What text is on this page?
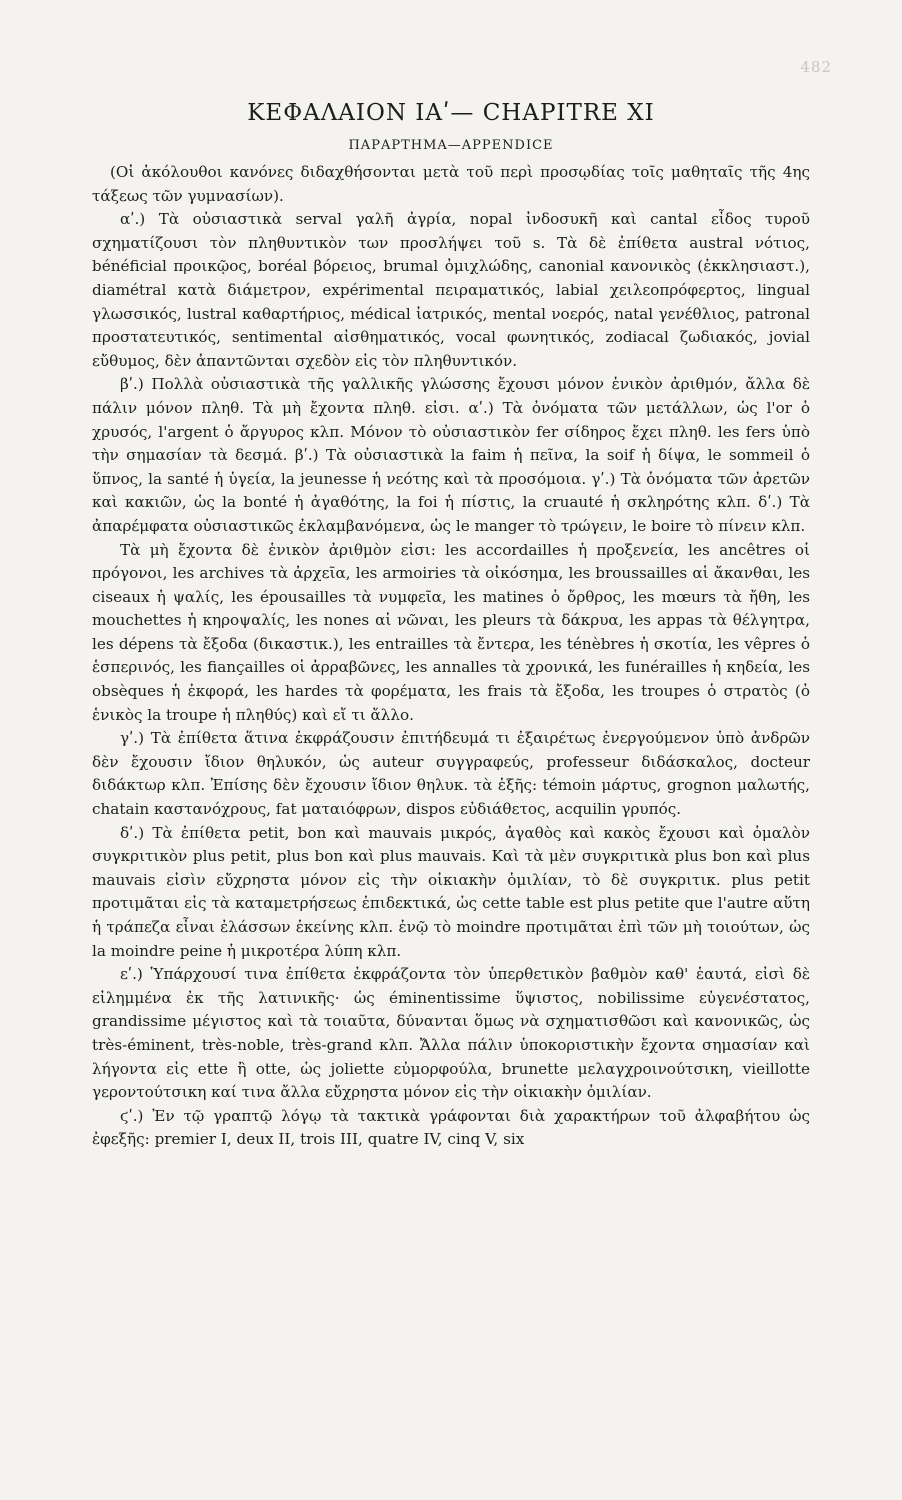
482
ΚΕΦΑΛΑΙΟΝ ΙΑʹ— CHAPITRE XI
ΠΑΡΑΡΤΗΜΑ—APPENDICE

(Οἱ ἀκόλουθοι κανόνες διδαχθήσονται μετὰ τοῦ περὶ προσῳδίας τοῖς μαθηταῖς τῆς 4ης τάξεως τῶν γυμνασίων).

αʹ.) Τὰ οὐσιαστικὰ serval γαλῆ ἀγρία, nopal ἰνδοσυκῆ καὶ cantal εἶδος τυροῦ σχηματίζουσι τὸν πληθυντικὸν των προσλήψει τοῦ s. Τὰ δὲ ἐπίθετα austral νότιος, bénéficial προικῷος, boréal βόρειος, brumal ὀμιχλώδης, canonial κανονικὸς (ἐκκλησιαστ.), diamétral κατὰ διάμετρον, expérimental πειραματικός, labial χειλεοπρόφερτος, lingual γλωσσικός, lustral καθαρτήριος, médical ἰατρικός, mental νοερός, natal γενέθλιος, patronal προστατευτικός, sentimental αἰσθηματικός, vocal φωνητικός, zodiacal ζωδιακός, jovial εὔθυμος, δὲν ἀπαντῶνται σχεδὸν εἰς τὸν πληθυντικόν.

βʹ.) Πολλὰ οὐσιαστικὰ τῆς γαλλικῆς γλώσσης ἔχουσι μόνον ἑνικὸν ἀριθμόν, ἄλλα δὲ πάλιν μόνον πληθ. Τὰ μὴ ἔχοντα πληθ. εἰσι. αʹ.) Τὰ ὀνόματα τῶν μετάλλων, ὡς l'or ὁ χρυσός, l'argent ὁ ἄργυρος κλπ. Μόνον τὸ οὐσιαστικὸν fer σίδηρος ἔχει πληθ. les fers ὑπὸ τὴν σημασίαν τὰ δεσμά. βʹ.) Τὰ οὐσιαστικὰ la faim ἡ πεῖνα, la soif ἡ δίψα, le sommeil ὁ ὕπνος, la santé ἡ ὑγεία, la jeunesse ἡ νεότης καὶ τὰ προσόμοια. γʹ.) Τὰ ὀνόματα τῶν ἀρετῶν καὶ κακιῶν, ὡς la bonté ἡ ἀγαθότης, la foi ἡ πίστις, la cruauté ἡ σκληρότης κλπ. δʹ.) Τὰ ἀπαρέμφατα οὐσιαστικῶς ἐκλαμβανόμενα, ὡς le manger τὸ τρώγειν, le boire τὸ πίνειν κλπ.

Τὰ μὴ ἔχοντα δὲ ἑνικὸν ἀριθμὸν εἰσι: les accordailles ἡ προξενεία, les ancêtres οἱ πρόγονοι, les archives τὰ ἀρχεῖα, les armoiries τὰ οἰκόσημα, les broussailles αἱ ἄκανθαι, les ciseaux ἡ ψαλίς, les épousailles τὰ νυμφεῖα, les matines ὁ ὄρθρος, les mœurs τὰ ἤθη, les mouchettes ἡ κηροψαλίς, les nones αἱ νῶναι, les pleurs τὰ δάκρυα, les appas τὰ θέλγητρα, les dépens τὰ ἔξοδα (δικαστικ.), les entrailles τὰ ἔντερα, les ténèbres ἡ σκοτία, les vêpres ὁ ἑσπερινός, les fiançailles οἱ ἀρραβῶνες, les annalles τὰ χρονικά, les funérailles ἡ κηδεία, les obsèques ἡ ἐκφορά, les hardes τὰ φορέματα, les frais τὰ ἔξοδα, les troupes ὁ στρατὸς (ὁ ἑνικὸς la troupe ἡ πληθύς) καὶ εἴ τι ἄλλο.

γʹ.) Τὰ ἐπίθετα ἅτινα ἐκφράζουσιν ἐπιτήδευμά τι ἐξαιρέτως ἐνεργούμενον ὑπὸ ἀνδρῶν δὲν ἔχουσιν ἴδιον θηλυκόν, ὡς auteur συγγραφεύς, professeur διδάσκαλος, docteur διδάκτωρ κλπ. Ἐπίσης δὲν ἔχουσιν ἴδιον θηλυκ. τὰ ἑξῆς: témoin μάρτυς, grognon μαλωτής, chatain καστανόχρους, fat ματαιόφρων, dispos εὐδιάθετος, acquilin γρυπός.

δʹ.) Τὰ ἐπίθετα petit, bon καὶ mauvais μικρός, ἀγαθὸς καὶ κακὸς ἔχουσι καὶ ὁμαλὸν συγκριτικὸν plus petit, plus bon καὶ plus mauvais. Καὶ τὰ μὲν συγκριτικὰ plus bon καὶ plus mauvais εἰσὶν εὔχρηστα μόνον εἰς τὴν οἰκιακὴν ὁμιλίαν, τὸ δὲ συγκριτικ. plus petit προτιμᾶται εἰς τὰ καταμετρήσεως ἐπιδεκτικά, ὡς cette table est plus petite que l'autre αὕτη ἡ τράπεζα εἶναι ἐλάσσων ἐκείνης κλπ. ἐνῷ τὸ moindre προτιμᾶται ἐπὶ τῶν μὴ τοιούτων, ὡς la moindre peine ἡ μικροτέρα λύπη κλπ.

εʹ.) Ὑπάρχουσί τινα ἐπίθετα ἐκφράζοντα τὸν ὑπερθετικὸν βαθμὸν καθ' ἑαυτά, εἰσὶ δὲ εἰλημμένα ἐκ τῆς λατινικῆς· ὡς éminentissime ὕψιστος, nobilissime εὐγενέστατος, grandissime μέγιστος καὶ τὰ τοιαῦτα, δύνανται ὅμως νὰ σχηματισθῶσι καὶ κανονικῶς, ὡς très-éminent, très-noble, très-grand κλπ. Ἄλλα πάλιν ὑποκοριστικὴν ἔχοντα σημασίαν καὶ λήγοντα εἰς ette ἢ otte, ὡς joliette εὐμορφούλα, brunette μελαγχροινούτσικη, vieillotte γεροντούτσικη καί τινα ἄλλα εὔχρηστα μόνον εἰς τὴν οἰκιακὴν ὁμιλίαν.

ϛʹ.) Ἐν τῷ γραπτῷ λόγῳ τὰ τακτικὰ γράφονται διὰ χαρακτήρων τοῦ ἀλφαβήτου ὡς ἐφεξῆς: premier I, deux II, trois III, quatre IV, cinq V, six
